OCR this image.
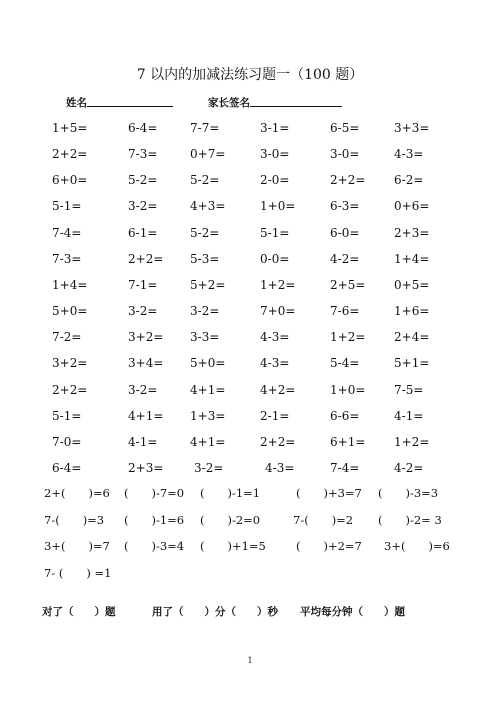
7 以内的加减法练习题一（100 题）
姓名	家长签名
1+5=	6-4=	7-7=	3-1=	6-5=	3+3=
2+2=	7-3=	0+7=	3-0=	3-0=	4-3=
6+0=	5-2=	5-2=	2-0=	2+2= 6-2=
5-1=	3-2=	4+3=	1+0=	6-3=	0+6=
7-4=	6-1=	5-2=	5-1=	6-0=	2+3=
7-3=	2+2= 5-3=	0-0=	4-2=	1+4=
1+4=	7-1=	5+2=	1+2=	2+5= 0+5=
5+0=	3-2=	3-2=	7+0=	7-6=	1+6=
7-2=	3+2= 3-3=	4-3=	1+2= 2+4=
3+2=	3+4= 5+0=	4-3=	5-4=	5+1=
2+2=	3-2=	4+1=	4+2=	1+0= 7-5=
5-1=	4+1= 1+3=	2-1=	6-6=	4-1=
7-0=	4-1=	4+1=	2+2=	6+1= 1+2=
6-4=	2+3=	3-2=	4-3=	7-4=	4-2=
2+(　　)=6 (　　)-7=0 (　　)-1=1	(　　)+3=7 (　　)-3=3
7-(　　)=3 (　　)-1=6 (　　)-2=0	7-(　　)=2 (　　)-2= 3
3+(　　)=7 (　　)-3=4 (　　)+1=5	(　　)+2=7 3+(　　)=6
7- (　　) =1
对了（　　）题	用了（　　）分（　　）秒 平均每分钟（　　）题
1
